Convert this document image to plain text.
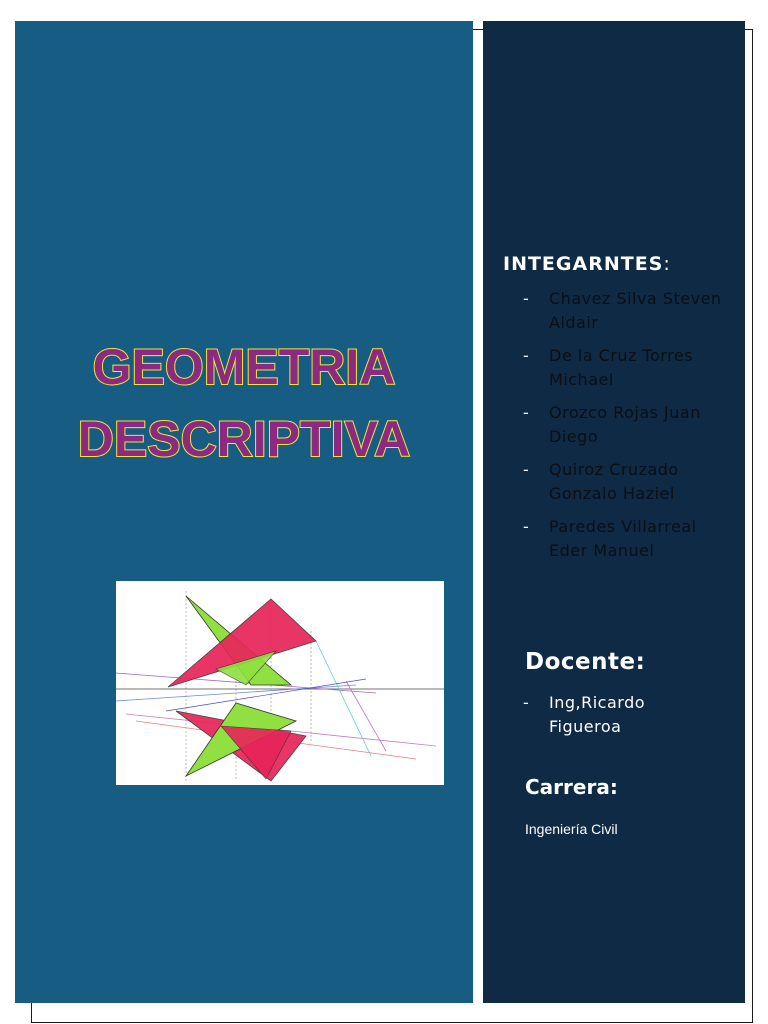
GEOMETRIA
DESCRIPTIVA
INTEGARNTES:
- Chavez Silva Steven Aldair
- De la Cruz Torres Michael
- Orozco Rojas Juan Diego
- Quiroz Cruzado Gonzalo Haziel
- Paredes Villarreal Eder Manuel
Docente:
- Ing,Ricardo Figueroa
Carrera:
Ingeniería Civil
